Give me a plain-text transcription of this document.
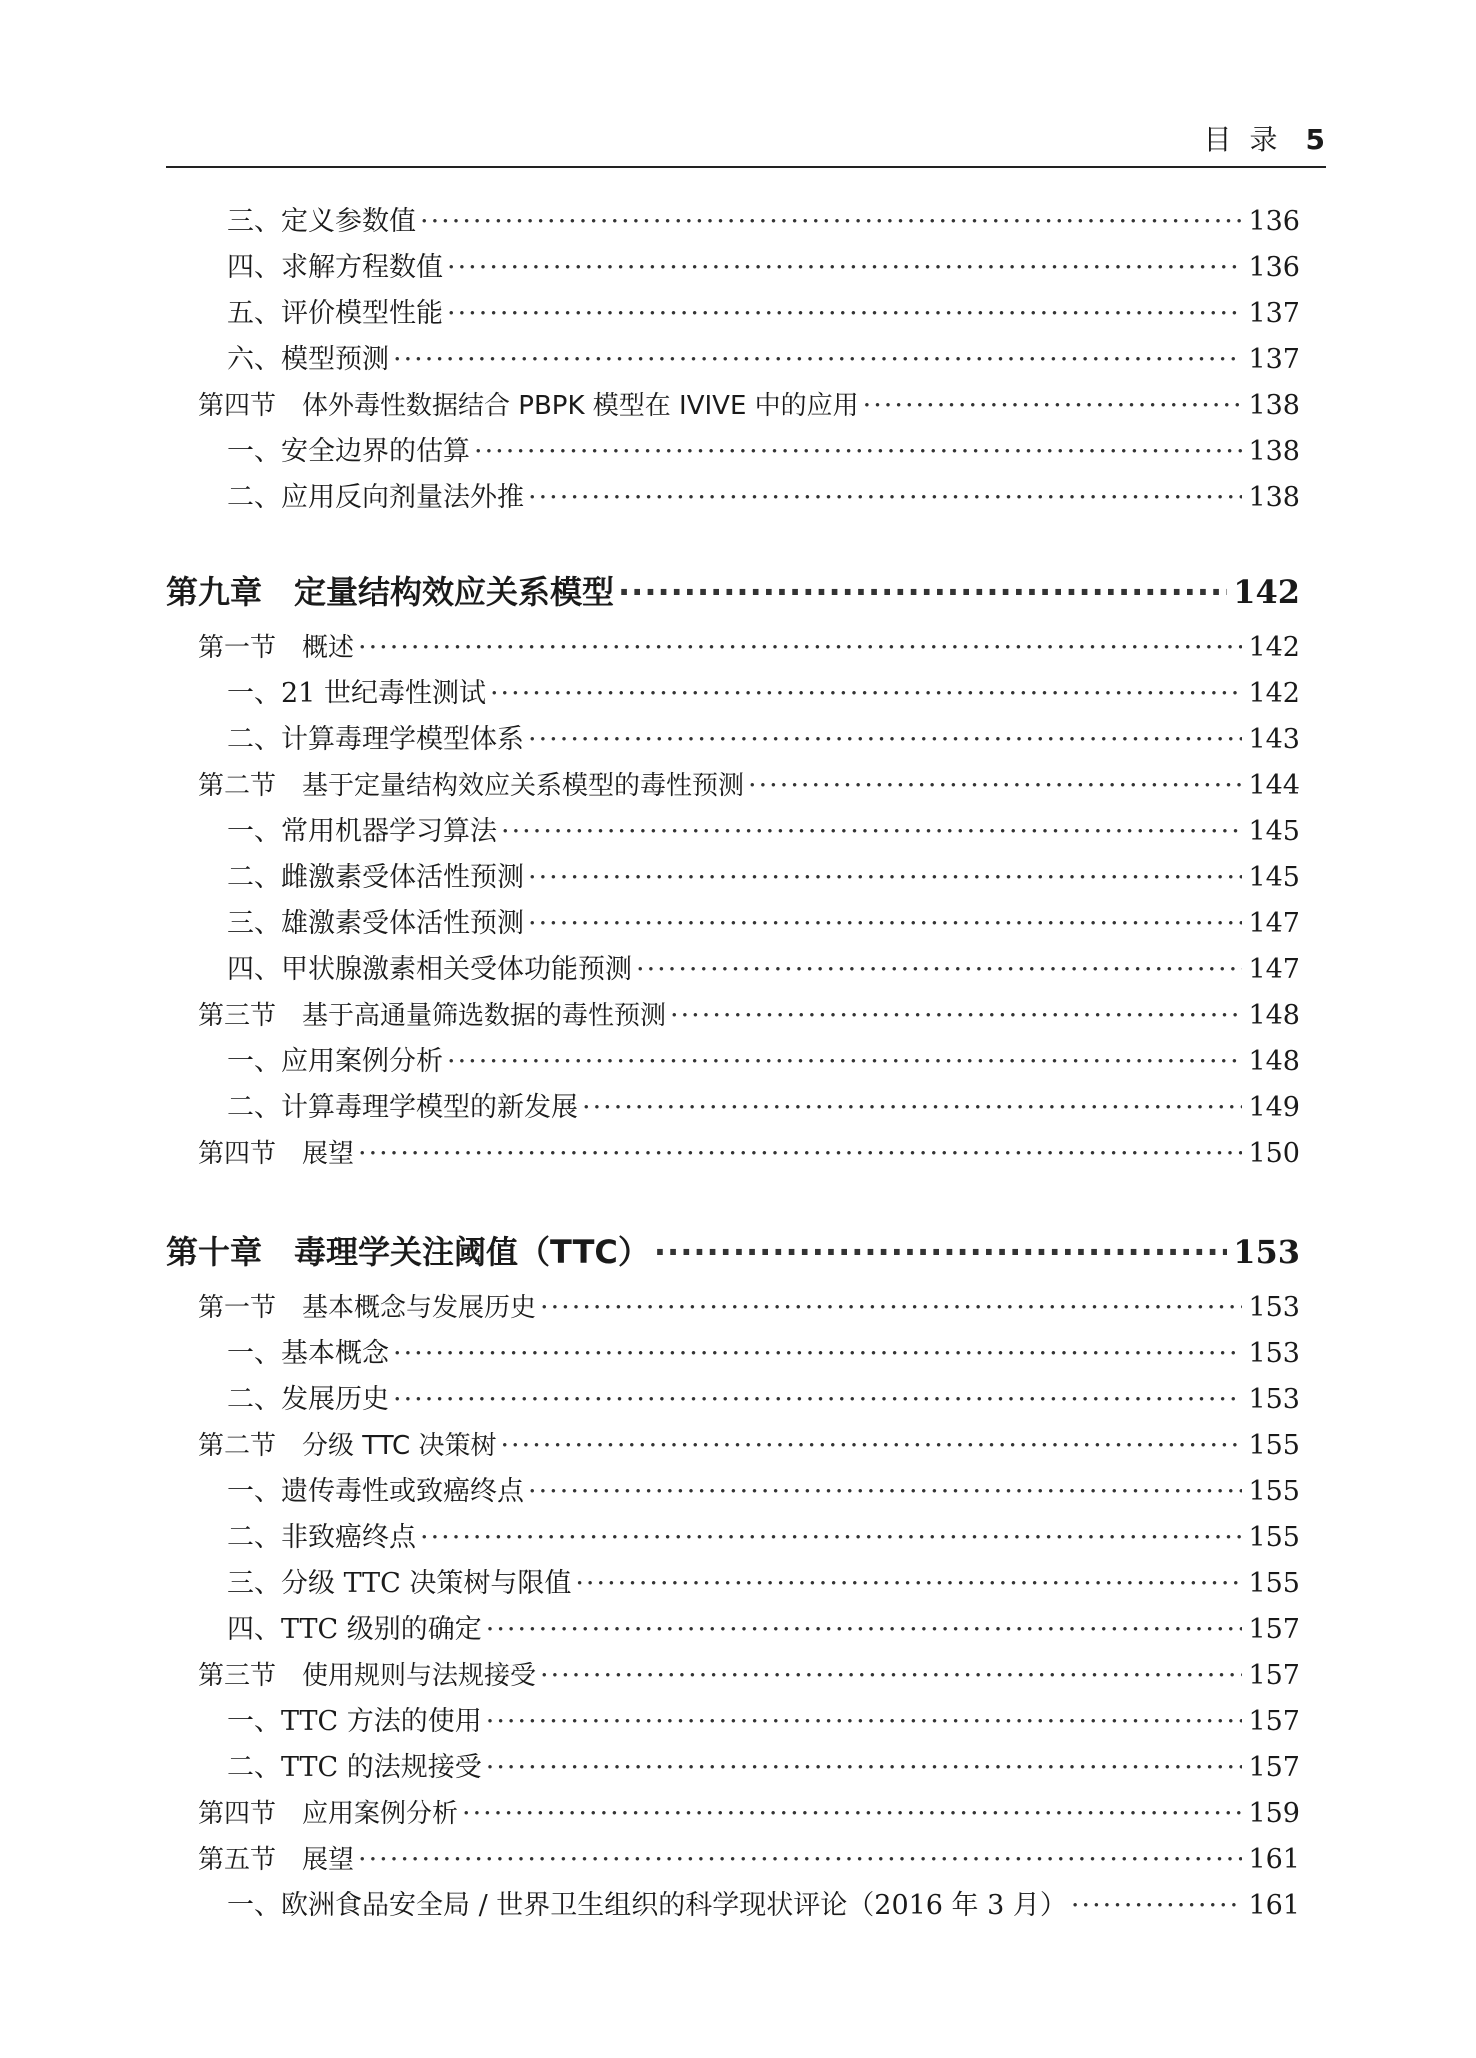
目录 5
三、定义参数值 ·····	136
四、求解方程数值 ·····	136
五、评价模型性能 ·····	137
六、模型预测 ·····	137
第四节　体外毒性数据结合 PBPK 模型在 IVIVE 中的应用 ·····	138
一、安全边界的估算 ·····	138
二、应用反向剂量法外推 ·····	138
第九章　定量结构效应关系模型 ·····	142
第一节　概述 ·····	142
一、21 世纪毒性测试 ·····	142
二、计算毒理学模型体系 ·····	143
第二节　基于定量结构效应关系模型的毒性预测 ·····	144
一、常用机器学习算法 ·····	145
二、雌激素受体活性预测 ·····	145
三、雄激素受体活性预测 ·····	147
四、甲状腺激素相关受体功能预测 ·····	147
第三节　基于高通量筛选数据的毒性预测 ·····	148
一、应用案例分析 ·····	148
二、计算毒理学模型的新发展 ·····	149
第四节　展望 ·····	150
第十章　毒理学关注阈值（TTC） ·····	153
第一节　基本概念与发展历史 ·····	153
一、基本概念 ·····	153
二、发展历史 ·····	153
第二节　分级 TTC 决策树 ·····	155
一、遗传毒性或致癌终点 ·····	155
二、非致癌终点 ·····	155
三、分级 TTC 决策树与限值 ·····	155
四、TTC 级别的确定 ·····	157
第三节　使用规则与法规接受 ·····	157
一、TTC 方法的使用 ·····	157
二、TTC 的法规接受 ·····	157
第四节　应用案例分析 ·····	159
第五节　展望 ·····	161
一、欧洲食品安全局 / 世界卫生组织的科学现状评论（2016 年 3 月） ·····	161
